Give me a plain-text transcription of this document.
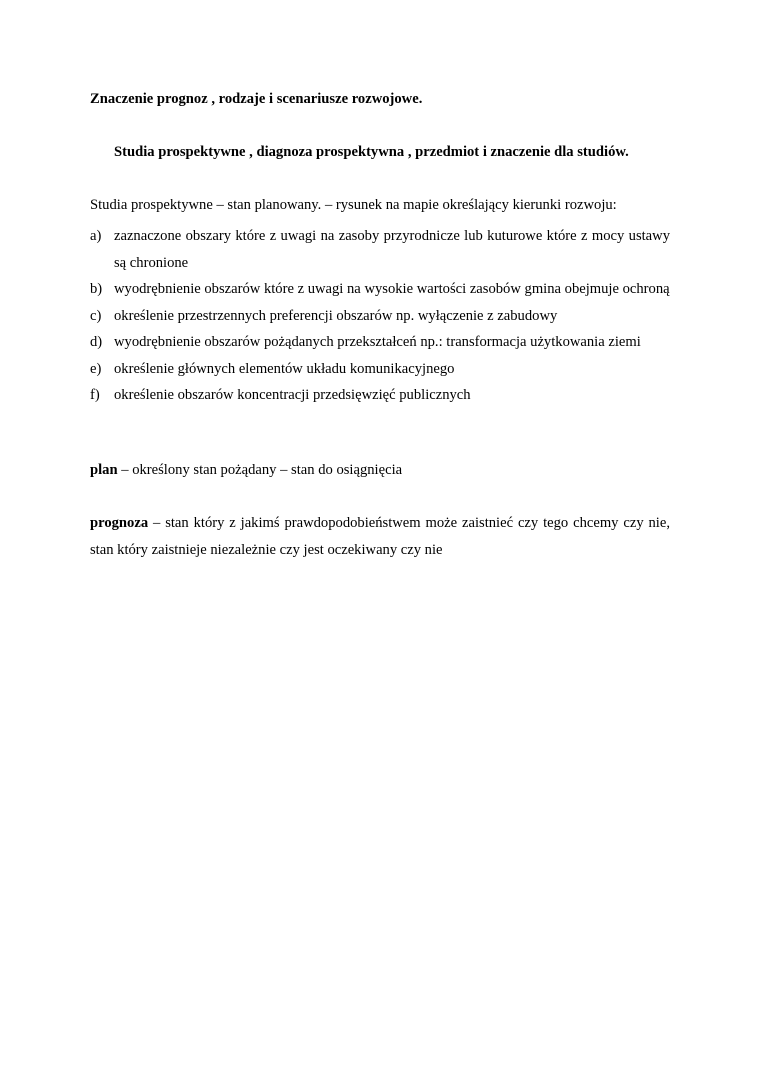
Znaczenie prognoz , rodzaje i scenariusze rozwojowe.
Studia prospektywne , diagnoza prospektywna , przedmiot i znaczenie dla studiów.
Studia prospektywne – stan planowany. – rysunek na mapie określający kierunki rozwoju:
a) zaznaczone obszary które z uwagi na zasoby przyrodnicze lub kuturowe które z mocy ustawy są chronione
b) wyodrębnienie obszarów które z uwagi na wysokie wartości zasobów gmina obejmuje ochroną
c) określenie przestrzennych preferencji obszarów np. wyłączenie z zabudowy
d) wyodrębnienie obszarów pożądanych przekształceń np.: transformacja użytkowania ziemi
e) określenie głównych elementów układu komunikacyjnego
f) określenie obszarów koncentracji przedsięwzięć publicznych
plan – określony stan pożądany – stan do osiągnięcia
prognoza – stan który z jakimś prawdopodobieństwem może zaistnieć czy tego chcemy czy nie, stan który zaistnieje niezależnie czy jest oczekiwany czy nie
